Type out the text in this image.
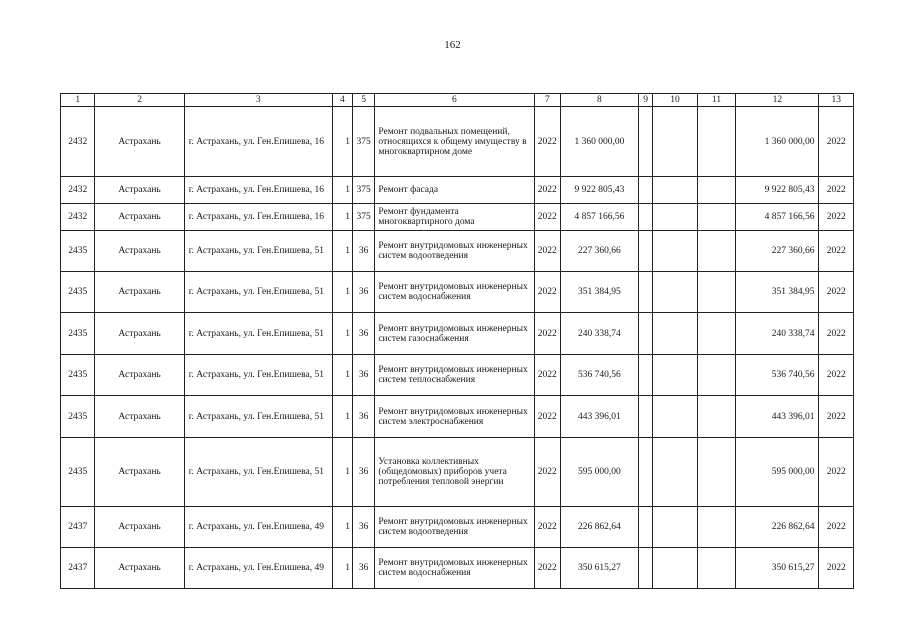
162
1	2	3	4	5	6	7	8	9	10	11	12	13
2432	Астрахань	г. Астрахань, ул. Ген.Епишева, 16	1	375	Ремонт подвальных помещений, относящихся к общему имуществу в многоквартирном доме	2022	1 360 000,00				1 360 000,00	2022
2432	Астрахань	г. Астрахань, ул. Ген.Епишева, 16	1	375	Ремонт фасада	2022	9 922 805,43				9 922 805,43	2022
2432	Астрахань	г. Астрахань, ул. Ген.Епишева, 16	1	375	Ремонт фундамента многоквартирного дома	2022	4 857 166,56				4 857 166,56	2022
2435	Астрахань	г. Астрахань, ул. Ген.Епишева, 51	1	36	Ремонт внутридомовых инженерных систем водоотведения	2022	227 360,66				227 360,66	2022
2435	Астрахань	г. Астрахань, ул. Ген.Епишева, 51	1	36	Ремонт внутридомовых инженерных систем водоснабжения	2022	351 384,95				351 384,95	2022
2435	Астрахань	г. Астрахань, ул. Ген.Епишева, 51	1	36	Ремонт внутридомовых инженерных систем газоснабжения	2022	240 338,74				240 338,74	2022
2435	Астрахань	г. Астрахань, ул. Ген.Епишева, 51	1	36	Ремонт внутридомовых инженерных систем теплоснабжения	2022	536 740,56				536 740,56	2022
2435	Астрахань	г. Астрахань, ул. Ген.Епишева, 51	1	36	Ремонт внутридомовых инженерных систем электроснабжения	2022	443 396,01				443 396,01	2022
2435	Астрахань	г. Астрахань, ул. Ген.Епишева, 51	1	36	Установка коллективных (общедомовых) приборов учета потребления тепловой энергии	2022	595 000,00				595 000,00	2022
2437	Астрахань	г. Астрахань, ул. Ген.Епишева, 49	1	36	Ремонт внутридомовых инженерных систем водоотведения	2022	226 862,64				226 862,64	2022
2437	Астрахань	г. Астрахань, ул. Ген.Епишева, 49	1	36	Ремонт внутридомовых инженерных систем водоснабжения	2022	350 615,27				350 615,27	2022
